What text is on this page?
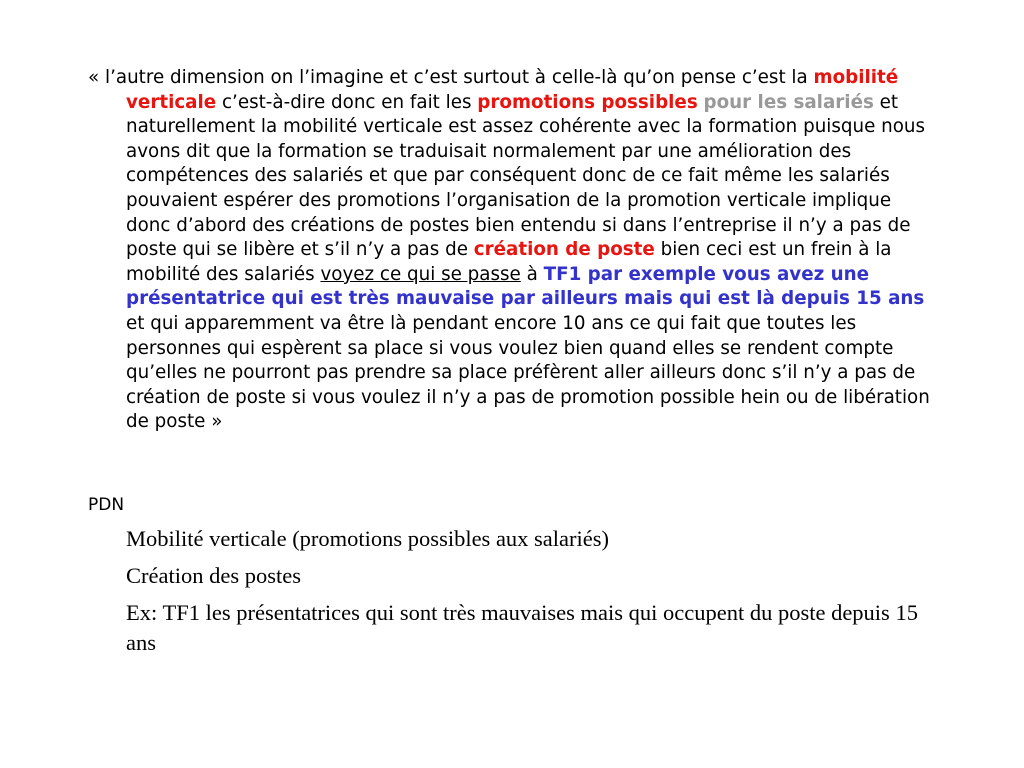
« l’autre dimension on l’imagine et c’est surtout à celle-là qu’on pense c’est la mobilité verticale c’est-à-dire donc en fait les promotions possibles pour les salariés et naturellement la mobilité verticale est assez cohérente avec la formation puisque nous avons dit que la formation se traduisait normalement par une amélioration des compétences des salariés et que par conséquent donc de ce fait même les salariés pouvaient espérer des promotions l’organisation de la promotion verticale implique donc d’abord des créations de postes bien entendu si dans l’entreprise il n’y a pas de poste qui se libère et s’il n’y a pas de création de poste bien ceci est un frein à la mobilité des salariés voyez ce qui se passe à TF1 par exemple vous avez une présentatrice qui est très mauvaise par ailleurs mais qui est là depuis 15 ans et qui apparemment va être là pendant encore 10 ans ce qui fait que toutes les personnes qui espèrent sa place si vous voulez bien quand elles se rendent compte qu’elles ne pourront pas prendre sa place préfèrent aller ailleurs donc s’il n’y a pas de création de poste si vous voulez il n’y a pas de promotion possible hein ou de libération de poste »
PDN
Mobilité verticale (promotions possibles aux salariés)
Création des postes
Ex: TF1 les présentatrices qui sont très mauvaises mais qui occupent du poste depuis 15 ans
